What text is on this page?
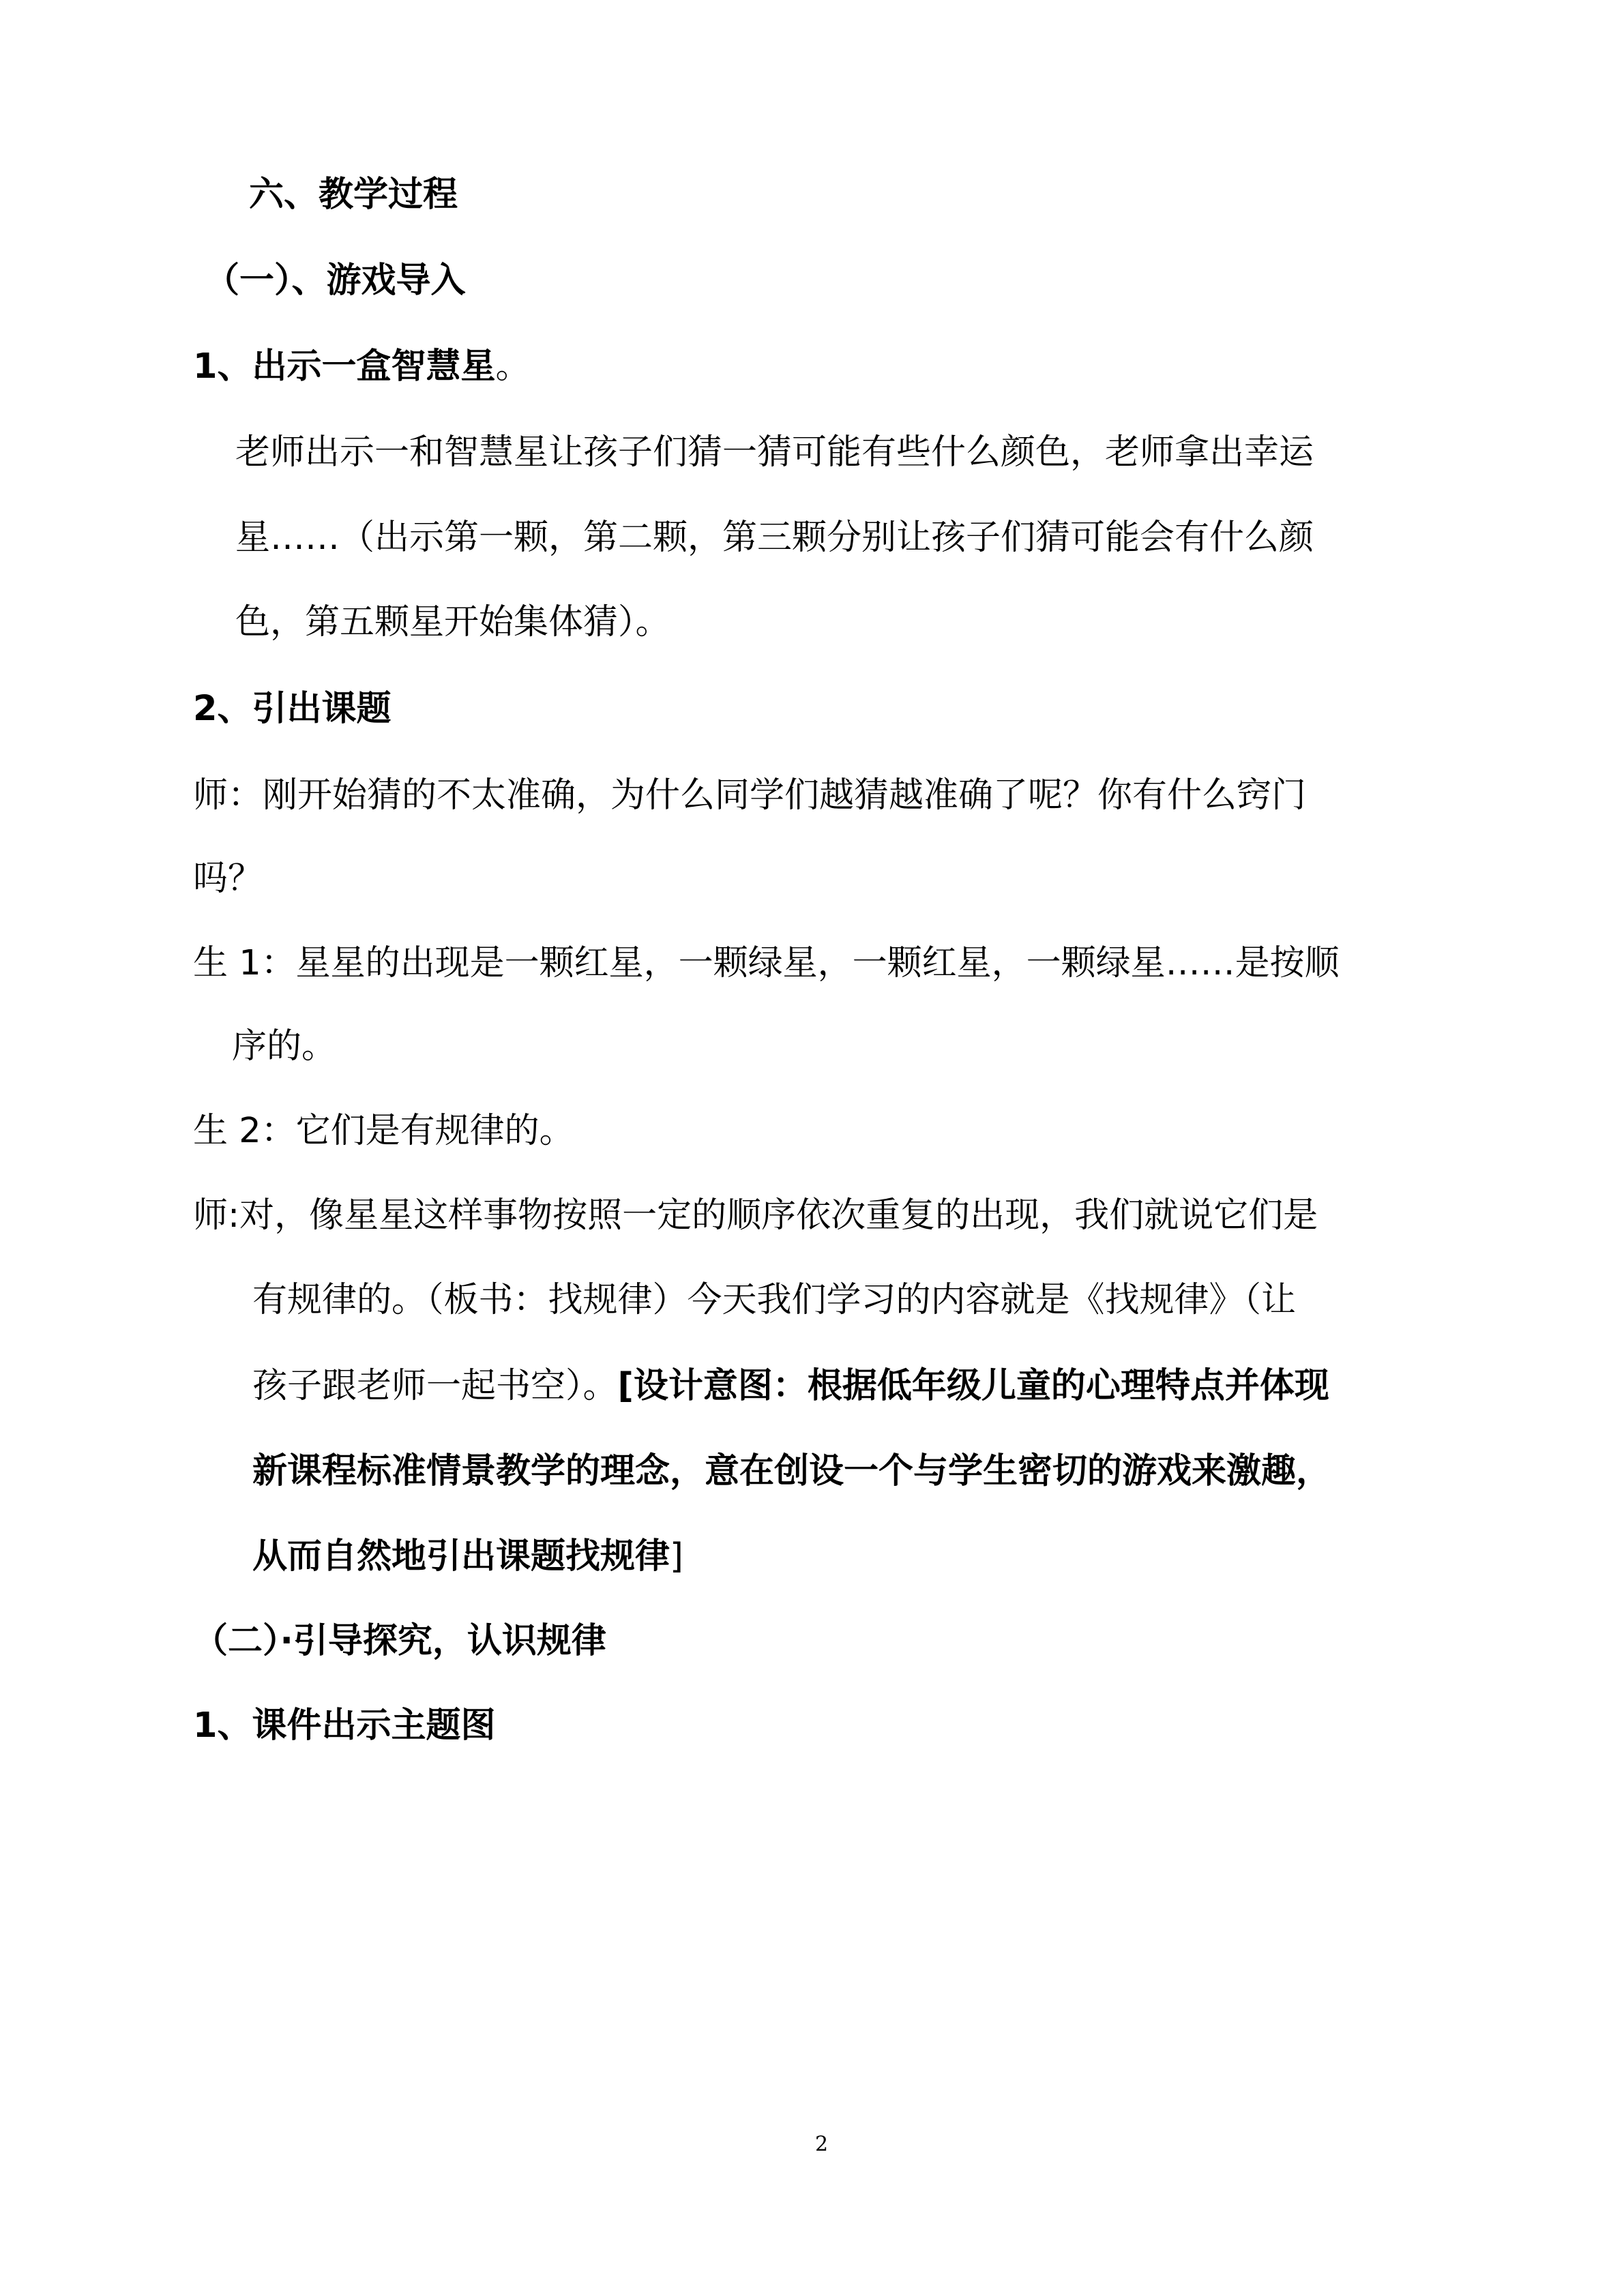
六、教学过程
（一）、游戏导入
1、出示一盒智慧星。
老师出示一和智慧星让孩子们猜一猜可能有些什么颜色，老师拿出幸运
星……（出示第一颗，第二颗，第三颗分别让孩子们猜可能会有什么颜
色，第五颗星开始集体猜）。
2、引出课题
师：刚开始猜的不太准确，为什么同学们越猜越准确了呢？你有什么窍门
吗？
生 1：星星的出现是一颗红星，一颗绿星，一颗红星，一颗绿星……是按顺
序的。
生 2：它们是有规律的。
师:对，像星星这样事物按照一定的顺序依次重复的出现，我们就说它们是
有规律的。（板书：找规律）今天我们学习的内容就是《找规律》（让
孩子跟老师一起书空）。[设计意图：根据低年级儿童的心理特点并体现
新课程标准情景教学的理念，意在创设一个与学生密切的游戏来激趣，
从而自然地引出课题找规律]
（二）·引导探究，认识规律
1、课件出示主题图
2
